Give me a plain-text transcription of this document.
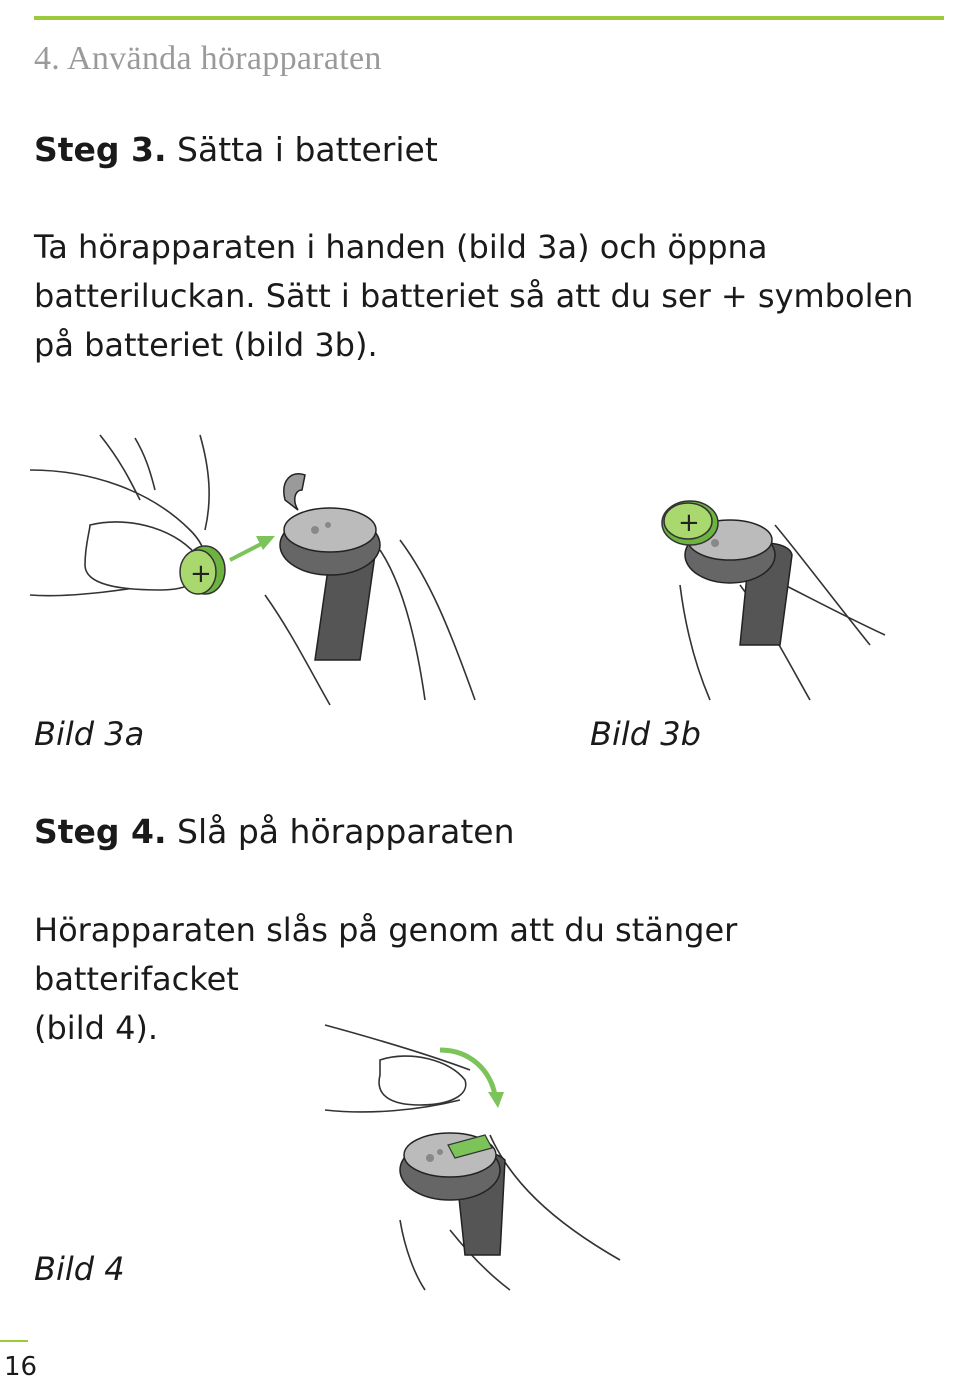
4. Använda hörapparaten
Steg 3. Sätta i batteriet
Ta hörapparaten i handen (bild 3a) och öppna
batteriluckan. Sätt i batteriet så att du ser + symbolen
på batteriet (bild 3b).
+
+
Bild 3a	Bild 3b
Steg 4. Slå på hörapparaten
Hörapparaten slås på genom att du stänger batterifacket
(bild 4).
Bild 4
16
